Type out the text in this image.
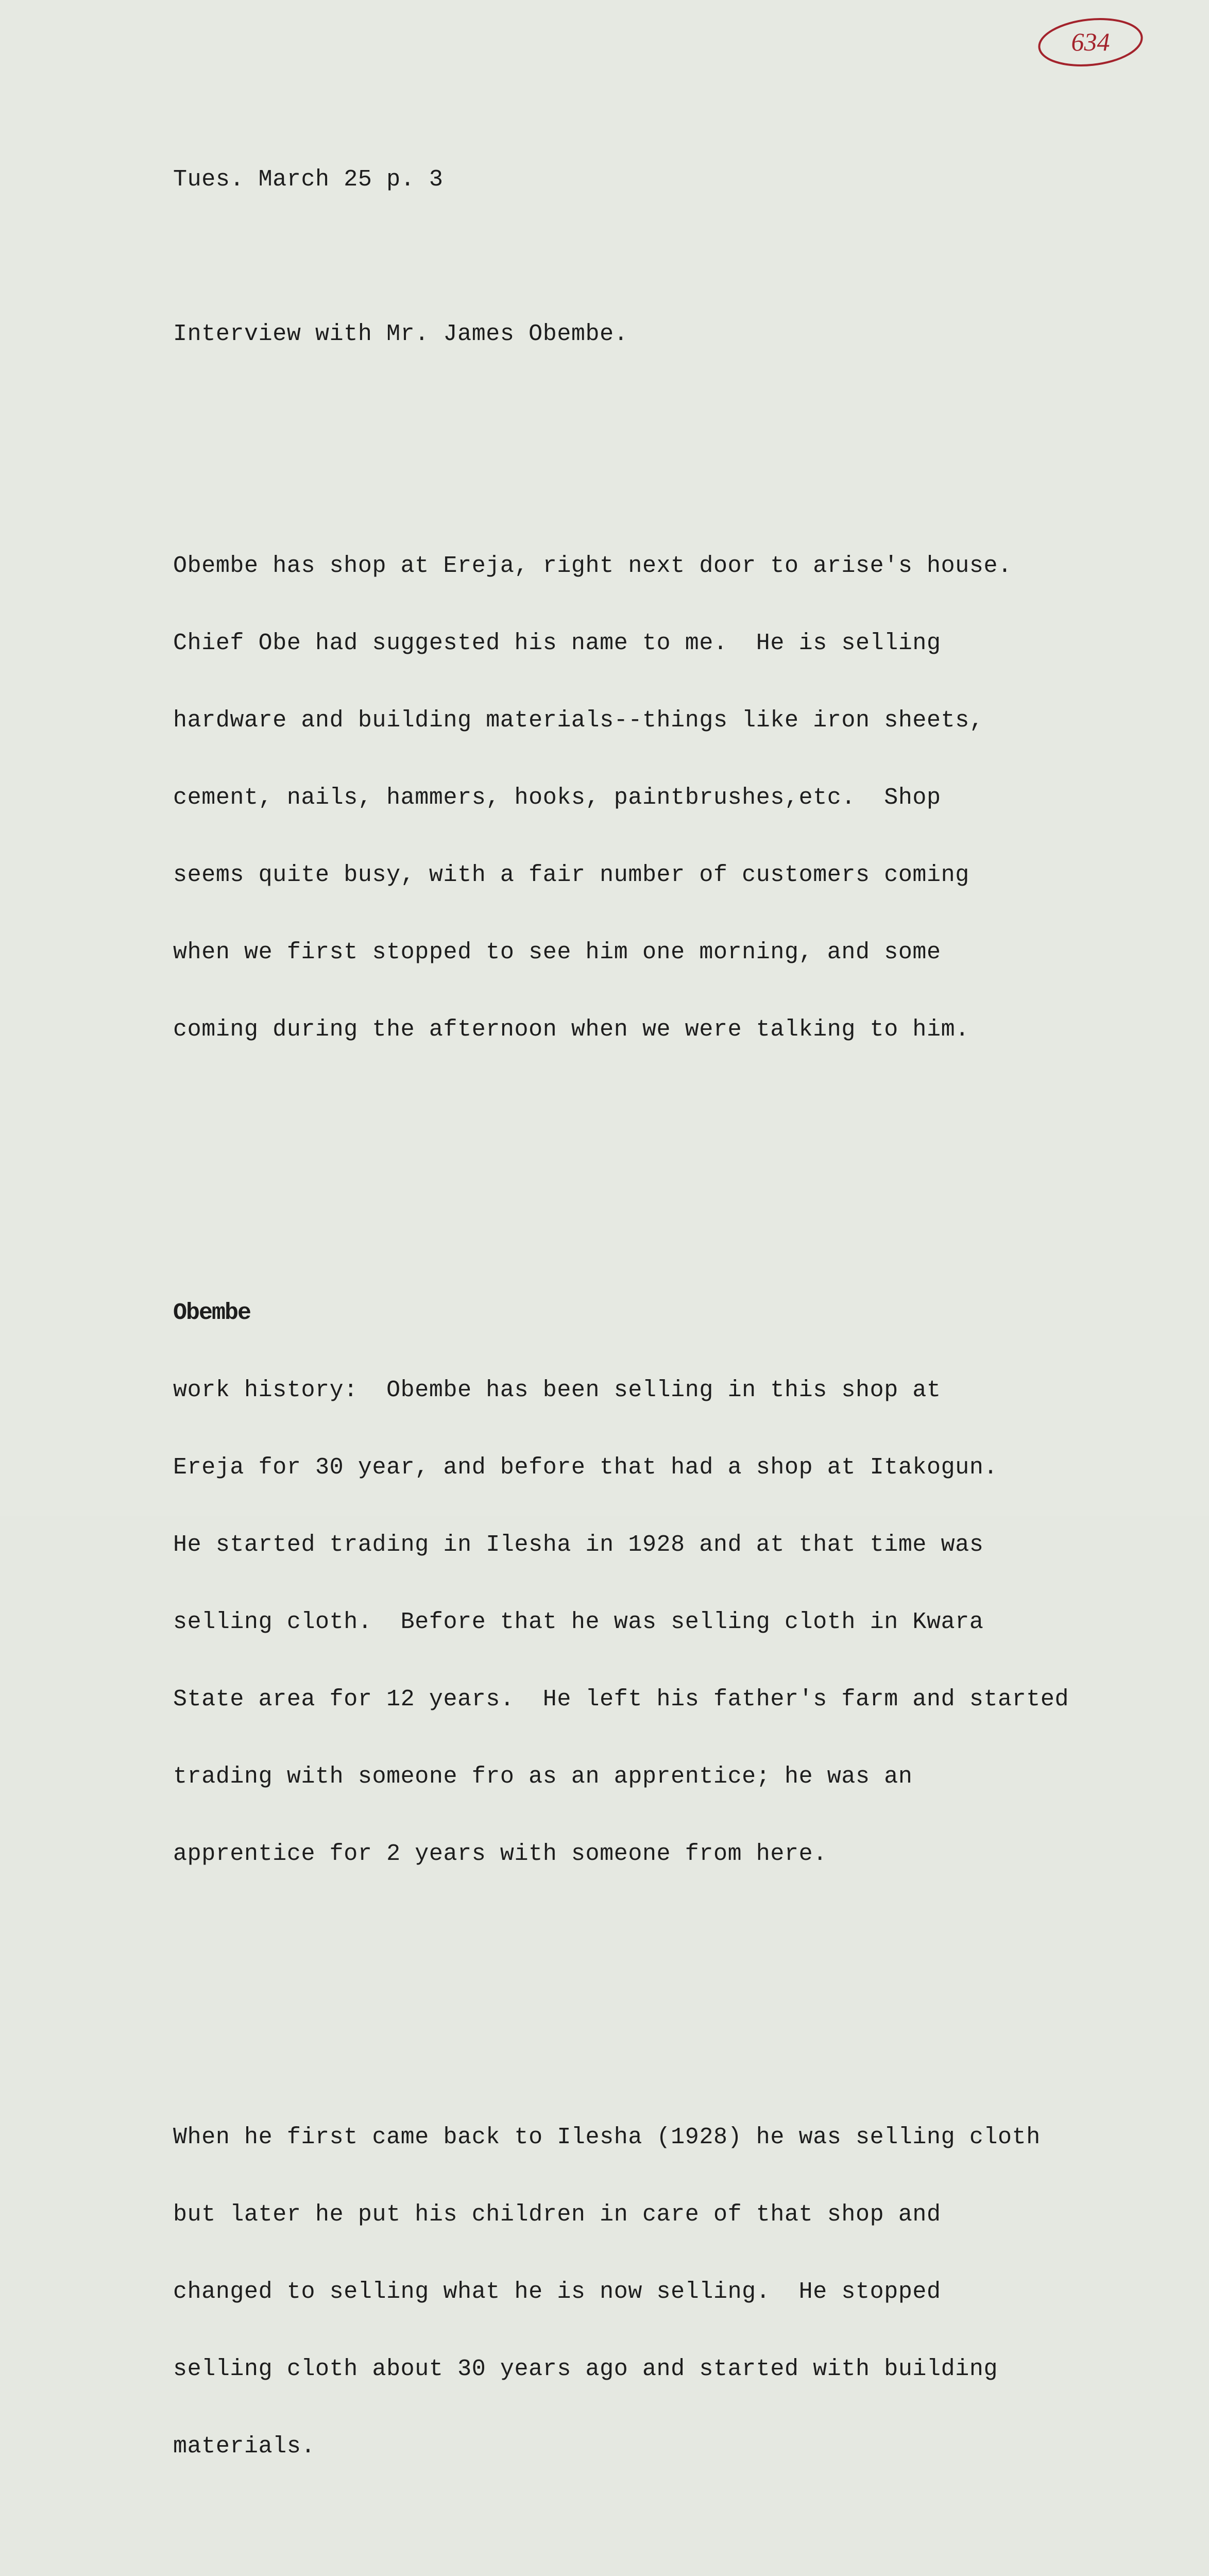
634

Tues. March 25 p. 3

Interview with Mr. James Obembe.

Obembe has shop at Ereja, right next door to arise's house.

Chief Obe had suggested his name to me.  He is selling

hardware and building materials--things like iron sheets,

cement, nails, hammers, hooks, paintbrushes,etc.  Shop

seems quite busy, with a fair number of customers coming

when we first stopped to see him one morning, and some

coming during the afternoon when we were talking to him.

Obembe

work history:  Obembe has been selling in this shop at

Ereja for 30 year, and before that had a shop at Itakogun.

He started trading in Ilesha in 1928 and at that time was

selling cloth.  Before that he was selling cloth in Kwara

State area for 12 years.  He left his father's farm and started

trading with someone fro as an apprentice; he was an

apprentice for 2 years with someone from here.

When he first came back to Ilesha (1928) he was selling cloth

but later he put his children in care of that shop and

changed to selling what he is now selling.  He stopped

selling cloth about 30 years ago and started with building

materials.
